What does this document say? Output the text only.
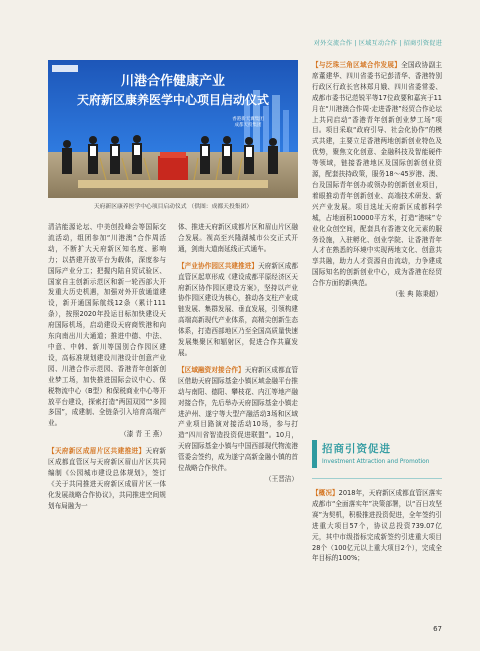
对外交流合作 | 区域互动合作 | 招商引资促进
川港合作健康产业
天府新区康养医学中心项目启动仪式
香港新天翼集团
成都天投集团
天府新区康养医学中心项目启动仪式 （供图：成都天投集团）

清洁能源论坛、中美创投峰会等国际交流活动，组团参加“川港澳”合作周活动，不断扩大天府新区知名度、影响力；以搭建开放平台为载体，深度参与国际产业分工；把握内陆自贸试验区、国家自主创新示范区和新一轮西部大开发重大历史机遇，加强对外开放通道建设，新开通国际航线12条（累计111条），按照2020年投运目标加快建设天府国际机场，启动建设天府商铁港和向东向南出川大通道；推进中德、中法、中意、中韩、新川等国别合作园区建设，高标准规划建设川港设计创意产业园、川港合作示范园、香港青年创新创业梦工场，加快推进国际会议中心、保税物流中心（B型）和保税商业中心等开放平台建设，探索打造“两国双园”“多园多国”，成建制、全链条引入培育高端产业。

（漆 青 王 燕）

【天府新区成眉片区共建推进】天府新区成都直管区与天府新区眉山片区共同编制《公园城市建设总体规划》，签订《关于共同推进天府新区成眉片区一体化发展战略合作协议》，共同推进空间规划布局融为一

体、推进天府新区成都片区和眉山片区融合发展。视高至兴隆湖城市公交正式开通，剑南大道南延线正式通车。

【产业协作园区共建推进】天府新区成都直管区起草形成《建设成都平原经济区天府新区协作园区建设方案》，坚持以产业协作园区建设为核心，推动各支柱产业成链发展、集群发展、垂直发展，引领构建高端高新现代产业体系，高精尖创新生态体系，打造西部地区乃至全国高质量快速发展集聚区和辐射区，促进合作共赢发展。

【区域融资对接合作】天府新区成都直管区借助天府国际基金小镇区域金融平台推动与南阳、德阳、攀枝花、内江等地产融对接合作，先后举办天府国际基金小镇走进泸州、遂宁等大型产融活动3场和区域产业项目路演对接活动10场，参与打造“四川省智造投资促进联盟”。10月，天府国际基金小镇与中国西部现代物流港管委会签约，成为遂宁高新金融小镇的首位战略合作伙伴。

（王晋洁）

【与泛珠三角区域合作发展】全国政协副主席董建华、四川省委书记彭清华、香港特别行政区行政长官林郑月娥、四川省委常委、成都市委书记范锐平等17位政要和嘉宾于11月在“川港澳合作周·走进香港”经贸合作论坛上共同启动“香港青年创新创业梦工场”项目。项目采取“政府引导、社会化协作”的模式共建，主要立足香港两地创新创业特色及优势，聚焦文化创意、金融科技及智能硬件等领域，链接香港地区及国际创新创业资源，配套扶持政策，服务18～45岁港、澳、台及国际青年创办或领办的创新创业项目，着眼推动青年创新创业、高端技术研发、新兴产业发展。项目选址天府新区成都科学城，占地面积10000平方米，打造“港味”专业化众创空间，配套具有香港文化元素的服务设施，入驻孵化、创业学院、让香港青年人才在熟悉的环境中实现两地文化、创意共享共融，助力人才资源自由流动，力争建成国际知名的创新创业中心，成为香港在经贸合作方面的新典范。

（张 典 陈秉超）
招商引资促进
Investment Attraction and Promotion

【概况】2018年，天府新区成都直管区落实成都市“全面落实年”决策部署，以“百日攻坚赛”为契机，积极推进投资促进，全年签约引进重大项目57个，协议总投资739.07亿元，其中市级指标完成新签约引进重大项目28个（100亿元以上重大项目2个），完成全年目标的100%；

67
